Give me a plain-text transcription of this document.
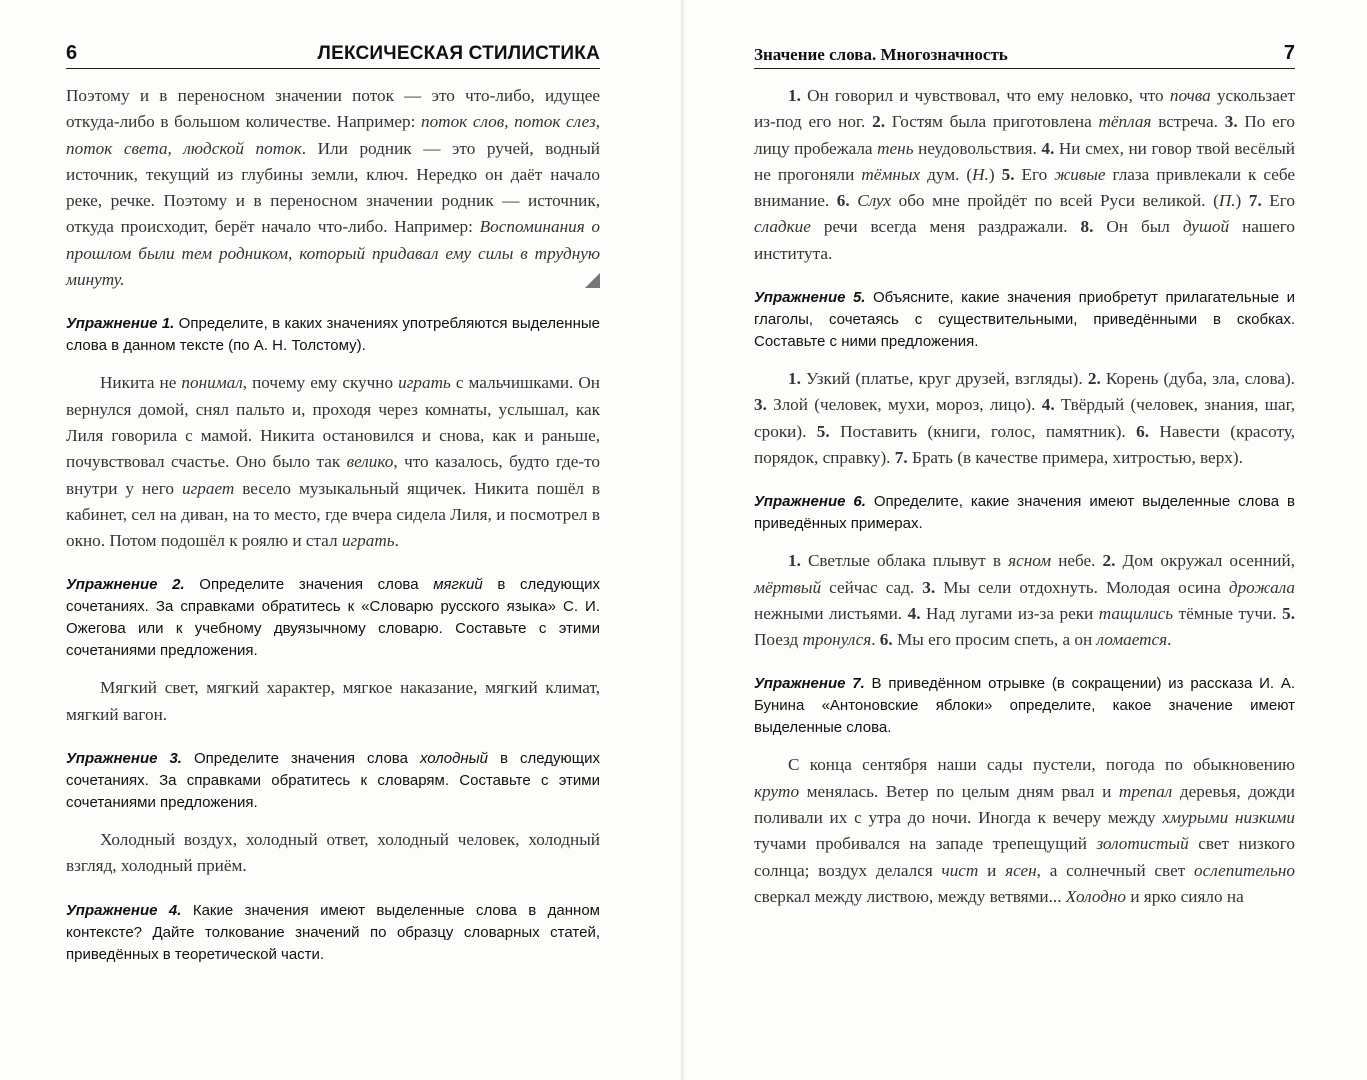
6	ЛЕКСИЧЕСКАЯ СТИЛИСТИКА

Поэтому и в переносном значении поток — это что-либо, идущее откуда-либо в большом количестве. Например: поток слов, поток слез, поток света, людской поток. Или родник — это ручей, водный источник, текущий из глубины земли, ключ. Нередко он даёт начало реке, речке. Поэтому и в переносном значении родник — источник, откуда происходит, берёт начало что-либо. Например: Воспоминания о прошлом были тем родником, который придавал ему силы в трудную минуту.

Упражнение 1. Определите, в каких значениях употребляются выделенные слова в данном тексте (по А. Н. Толстому).

Никита не понимал, почему ему скучно играть с мальчишками. Он вернулся домой, снял пальто и, проходя через комнаты, услышал, как Лиля говорила с мамой. Никита остановился и снова, как и раньше, почувствовал счастье. Оно было так велико, что казалось, будто где-то внутри у него играет весело музыкальный ящичек. Никита пошёл в кабинет, сел на диван, на то место, где вчера сидела Лиля, и посмотрел в окно. Потом подошёл к роялю и стал играть.

Упражнение 2. Определите значения слова мягкий в следующих сочетаниях. За справками обратитесь к «Словарю русского языка» С. И. Ожегова или к учебному двуязычному словарю. Составьте с этими сочетаниями предложения.

Мягкий свет, мягкий характер, мягкое наказание, мягкий климат, мягкий вагон.

Упражнение 3. Определите значения слова холодный в следующих сочетаниях. За справками обратитесь к словарям. Составьте с этими сочетаниями предложения.

Холодный воздух, холодный ответ, холодный человек, холодный взгляд, холодный приём.

Упражнение 4. Какие значения имеют выделенные слова в данном контексте? Дайте толкование значений по образцу словарных статей, приведённых в теоретической части.

Значение слова. Многозначность	7

1. Он говорил и чувствовал, что ему неловко, что почва ускользает из-под его ног. 2. Гостям была приготовлена тёплая встреча. 3. По его лицу пробежала тень неудовольствия. 4. Ни смех, ни говор твой весёлый не прогоняли тёмных дум. (Н.) 5. Его живые глаза привлекали к себе внимание. 6. Слух обо мне пройдёт по всей Руси великой. (П.) 7. Его сладкие речи всегда меня раздражали. 8. Он был душой нашего института.

Упражнение 5. Объясните, какие значения приобретут прилагательные и глаголы, сочетаясь с существительными, приведёнными в скобках. Составьте с ними предложения.

1. Узкий (платье, круг друзей, взгляды). 2. Корень (дуба, зла, слова). 3. Злой (человек, мухи, мороз, лицо). 4. Твёрдый (человек, знания, шаг, сроки). 5. Поставить (книги, голос, памятник). 6. Навести (красоту, порядок, справку). 7. Брать (в качестве примера, хитростью, верх).

Упражнение 6. Определите, какие значения имеют выделенные слова в приведённых примерах.

1. Светлые облака плывут в ясном небе. 2. Дом окружал осенний, мёртвый сейчас сад. 3. Мы сели отдохнуть. Молодая осина дрожала нежными листьями. 4. Над лугами из-за реки тащились тёмные тучи. 5. Поезд тронулся. 6. Мы его просим спеть, а он ломается.

Упражнение 7. В приведённом отрывке (в сокращении) из рассказа И. А. Бунина «Антоновские яблоки» определите, какое значение имеют выделенные слова.

С конца сентября наши сады пустели, погода по обыкновению круто менялась. Ветер по целым дням рвал и трепал деревья, дожди поливали их с утра до ночи. Иногда к вечеру между хмурыми низкими тучами пробивался на западе трепещущий золотистый свет низкого солнца; воздух делался чист и ясен, а солнечный свет ослепительно сверкал между листвою, между ветвями... Холодно и ярко сияло на
